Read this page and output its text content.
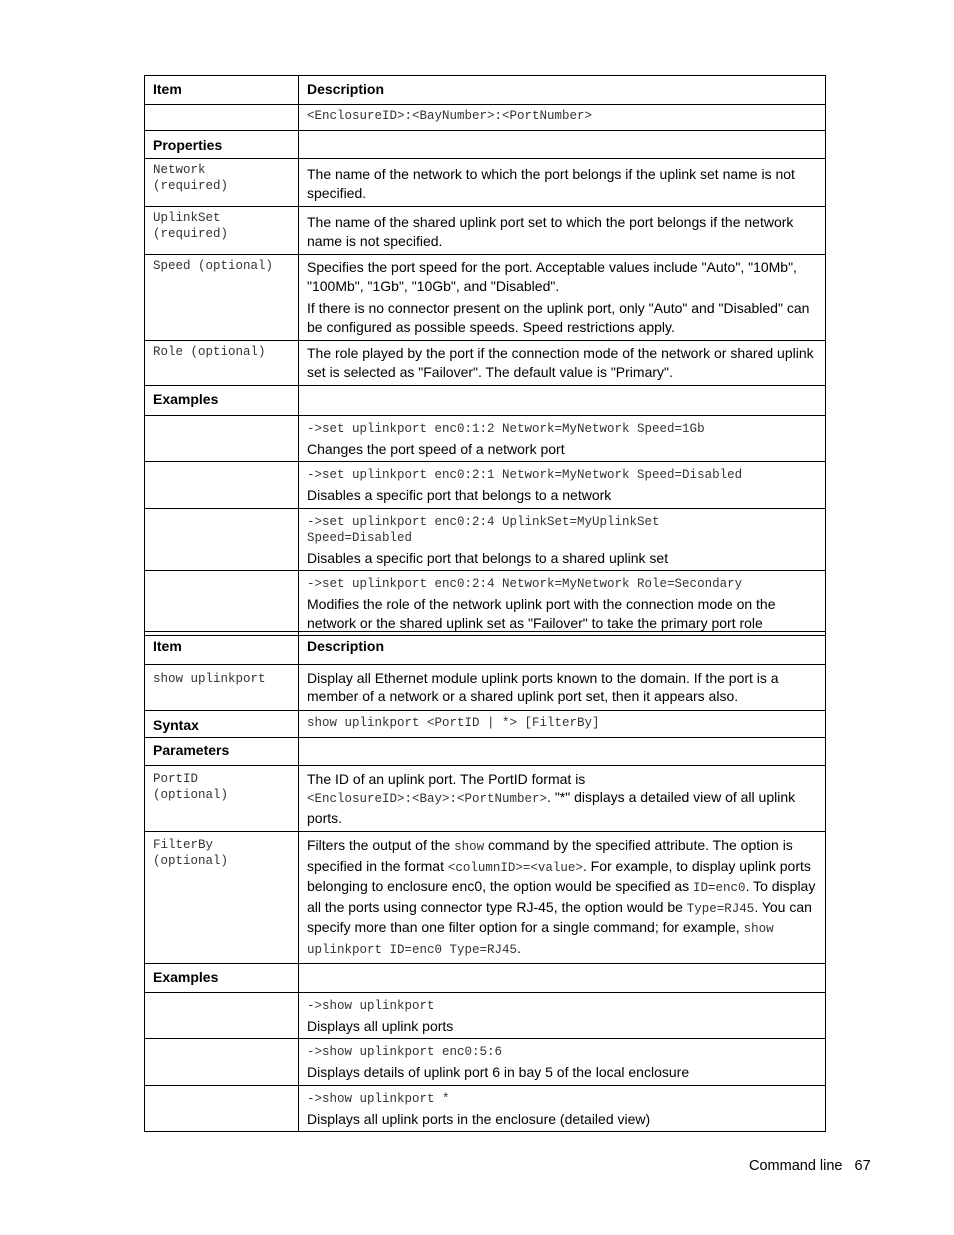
Item	Description

	<EnclosureID>:<BayNumber>:<PortNumber>

Properties	

Network
(required)	The name of the network to which the port belongs if the uplink set name is not specified.

UplinkSet
(required)	The name of the shared uplink port set to which the port belongs if the network name is not specified.

Speed (optional)	Specifies the port speed for the port. Acceptable values include "Auto", "10Mb", "100Mb", "1Gb", "10Gb", and "Disabled".

If there is no connector present on the uplink port, only "Auto" and "Disabled" can be configured as possible speeds. Speed restrictions apply.

Role (optional)	The role played by the port if the connection mode of the network or shared uplink set is selected as "Failover". The default value is "Primary".

Examples	

	->set uplinkport enc0:1:2 Network=MyNetwork Speed=1Gb
Changes the port speed of a network port

	->set uplinkport enc0:2:1 Network=MyNetwork Speed=Disabled
Disables a specific port that belongs to a network

	->set uplinkport enc0:2:4 UplinkSet=MyUplinkSet
Speed=Disabled
Disables a specific port that belongs to a shared uplink set

	->set uplinkport enc0:2:4 Network=MyNetwork Role=Secondary
Modifies the role of the network uplink port with the connection mode on the network or the shared uplink set as "Failover" to take the primary port role
Item	Description

show uplinkport	Display all Ethernet module uplink ports known to the domain. If the port is a member of a network or a shared uplink port set, then it appears also.

Syntax	show uplinkport <PortID | *> [FilterBy]

Parameters	

PortID
(optional)	The ID of an uplink port. The PortID format is
<EnclosureID>:<Bay>:<PortNumber>. "*" displays a detailed view of all uplink ports.

FilterBy
(optional)	Filters the output of the show command by the specified attribute. The option is specified in the format <columnID>=<value>. For example, to display uplink ports belonging to enclosure enc0, the option would be specified as ID=enc0. To display all the ports using connector type RJ-45, the option would be Type=RJ45. You can specify more than one filter option for a single command; for example, show uplinkport ID=enc0 Type=RJ45.

Examples	

	->show uplinkport
Displays all uplink ports

	->show uplinkport enc0:5:6
Displays details of uplink port 6 in bay 5 of the local enclosure

	->show uplinkport *
Displays all uplink ports in the enclosure (detailed view)
Command line 67
